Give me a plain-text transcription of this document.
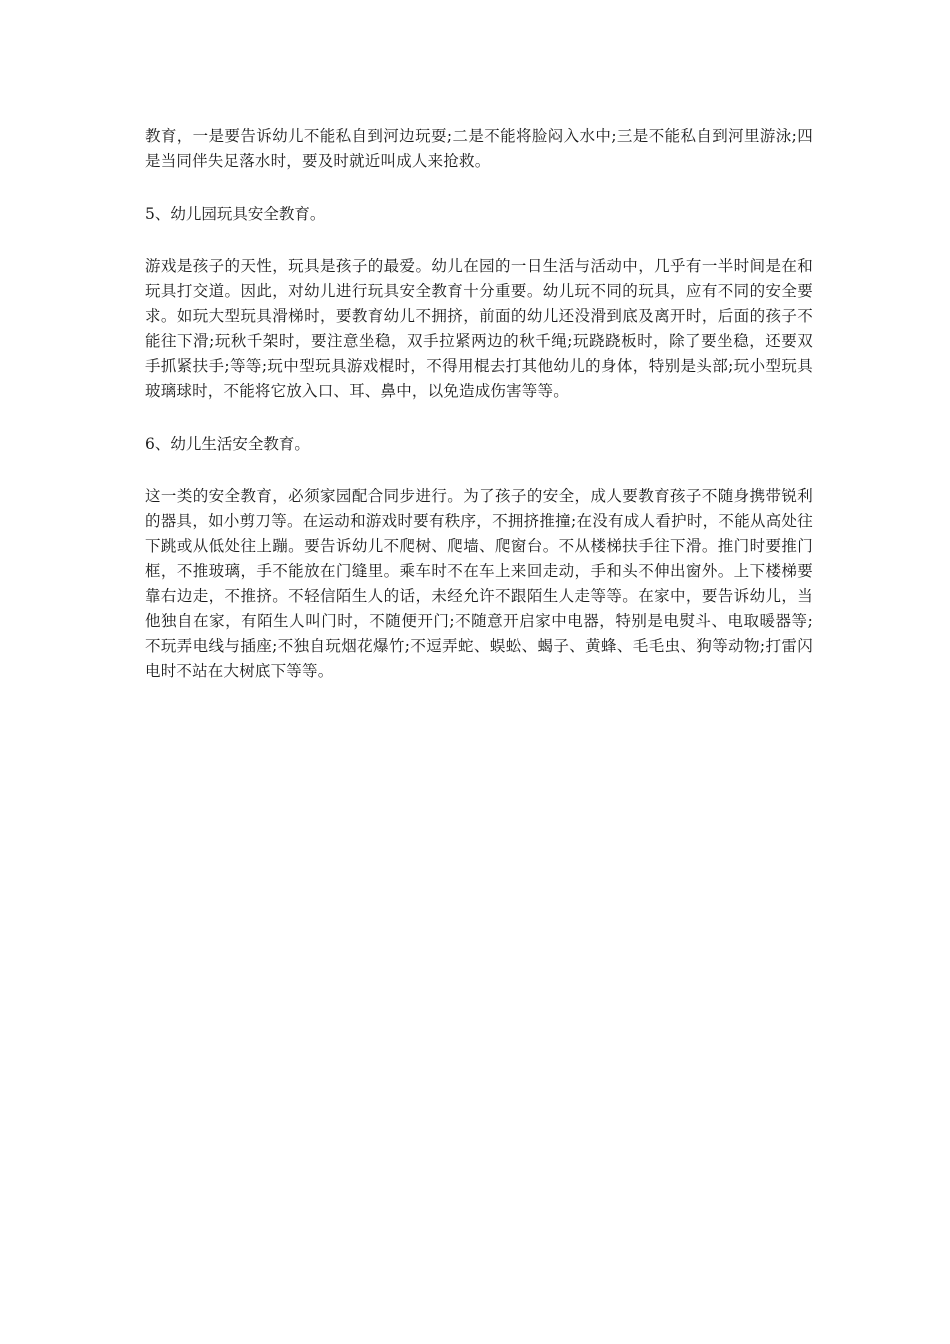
教育，一是要告诉幼儿不能私自到河边玩耍;二是不能将脸闷入水中;三是不能私自到河里游泳;四是当同伴失足落水时，要及时就近叫成人来抢救。

5、幼儿园玩具安全教育。

游戏是孩子的天性，玩具是孩子的最爱。幼儿在园的一日生活与活动中，几乎有一半时间是在和玩具打交道。因此，对幼儿进行玩具安全教育十分重要。幼儿玩不同的玩具，应有不同的安全要求。如玩大型玩具滑梯时，要教育幼儿不拥挤，前面的幼儿还没滑到底及离开时，后面的孩子不能往下滑;玩秋千架时，要注意坐稳，双手拉紧两边的秋千绳;玩跷跷板时，除了要坐稳，还要双手抓紧扶手;等等;玩中型玩具游戏棍时，不得用棍去打其他幼儿的身体，特别是头部;玩小型玩具玻璃球时，不能将它放入口、耳、鼻中，以免造成伤害等等。

6、幼儿生活安全教育。

这一类的安全教育，必须家园配合同步进行。为了孩子的安全，成人要教育孩子不随身携带锐利的器具，如小剪刀等。在运动和游戏时要有秩序，不拥挤推撞;在没有成人看护时，不能从高处往下跳或从低处往上蹦。要告诉幼儿不爬树、爬墙、爬窗台。不从楼梯扶手往下滑。推门时要推门框，不推玻璃，手不能放在门缝里。乘车时不在车上来回走动，手和头不伸出窗外。上下楼梯要靠右边走，不推挤。不轻信陌生人的话，未经允许不跟陌生人走等等。在家中，要告诉幼儿，当他独自在家，有陌生人叫门时，不随便开门;不随意开启家中电器，特别是电熨斗、电取暖器等;不玩弄电线与插座;不独自玩烟花爆竹;不逗弄蛇、蜈蚣、蝎子、黄蜂、毛毛虫、狗等动物;打雷闪电时不站在大树底下等等。
